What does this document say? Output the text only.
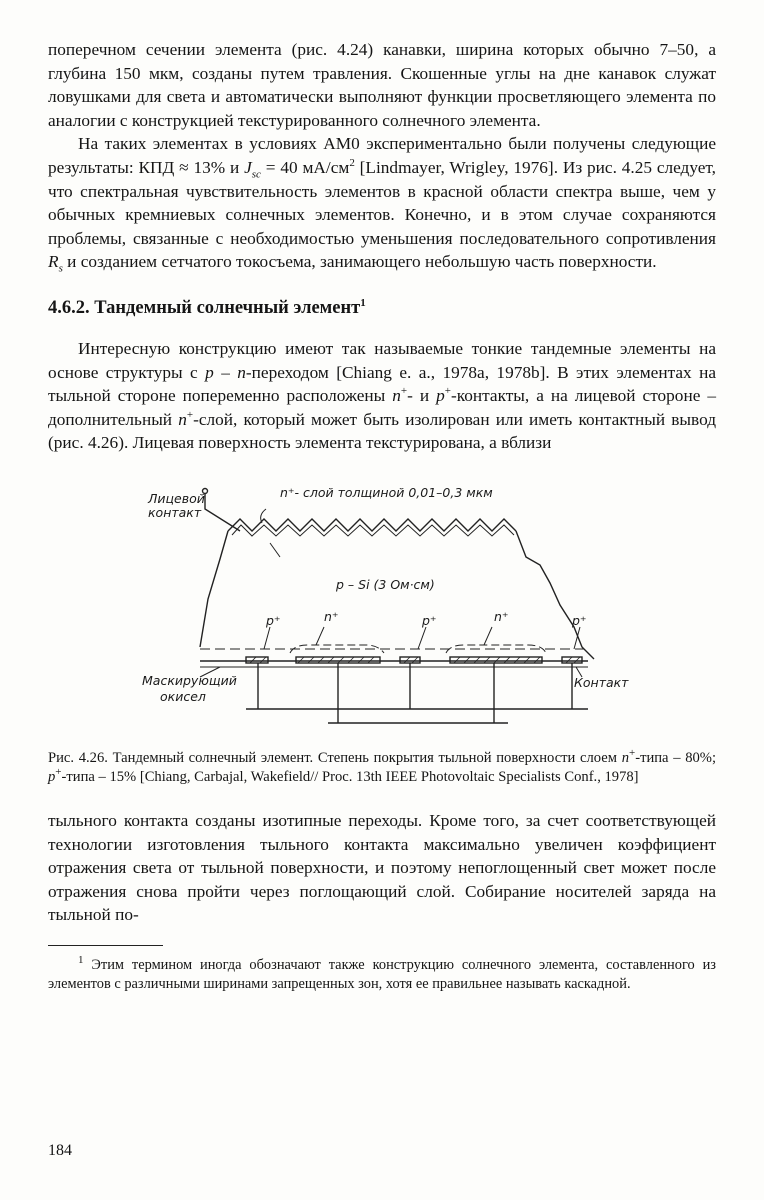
поперечном сечении элемента (рис. 4.24) канавки, ширина которых обычно 7–50, а глубина 150 мкм, созданы путем травления. Скошенные углы на дне канавок служат ловушками для света и автоматически выполняют функции просветляющего элемента по аналогии с конструкцией текстурированного солнечного элемента.

На таких элементах в условиях AM0 экспериментально были получены следующие результаты: КПД ≈ 13% и $J_{sc} = 40$ $мА/см^2$ [Lindmayer, Wrigley, 1976]. Из рис. 4.25 следует, что спектральная чувствительность элементов в красной области спектра выше, чем у обычных кремниевых солнечных элементов. Конечно, и в этом случае сохраняются проблемы, связанные с необходимостью уменьшения последовательного сопротивления $R_s$ и созданием сетчатого токосъема, занимающего небольшую часть поверхности.

4.6.2. Тандемный солнечный элемент$^1$

Интересную конструкцию имеют так называемые тонкие тандемные элементы на основе структуры с p – n-переходом [Chiang e. a., 1978a, 1978b]. В этих элементах на тыльной стороне попеременно расположены n+- и p+-контакты, а на лицевой стороне – дополнительный n+-слой, который может быть изолирован или иметь контактный вывод (рис. 4.26). Лицевая поверхность элемента текстурирована, а вблизи

Лицевой
контакт
n⁺- слой толщиной 0,01–0,3 мкм
p – Si (3 Ом·см)
p⁺	n⁺	p⁺	n⁺	p⁺
Маскирующий
окисел
Контакт

Рис. 4.26. Тандемный солнечный элемент. Степень покрытия тыльной поверхности слоем n+-типа – 80%; p+-типа – 15% [Chiang, Carbajal, Wakefield// Proc. 13th IEEE Photovoltaic Specialists Conf., 1978]

тыльного контакта созданы изотипные переходы. Кроме того, за счет соответствующей технологии изготовления тыльного контакта максимально увеличен коэффициент отражения света от тыльной поверхности, и поэтому непоглощенный свет может после отражения снова пройти через поглощающий слой. Собирание носителей заряда на тыльной по-

$^1$ Этим термином иногда обозначают также конструкцию солнечного элемента, составленного из элементов с различными ширинами запрещенных зон, хотя ее правильнее называть каскадной.

184
